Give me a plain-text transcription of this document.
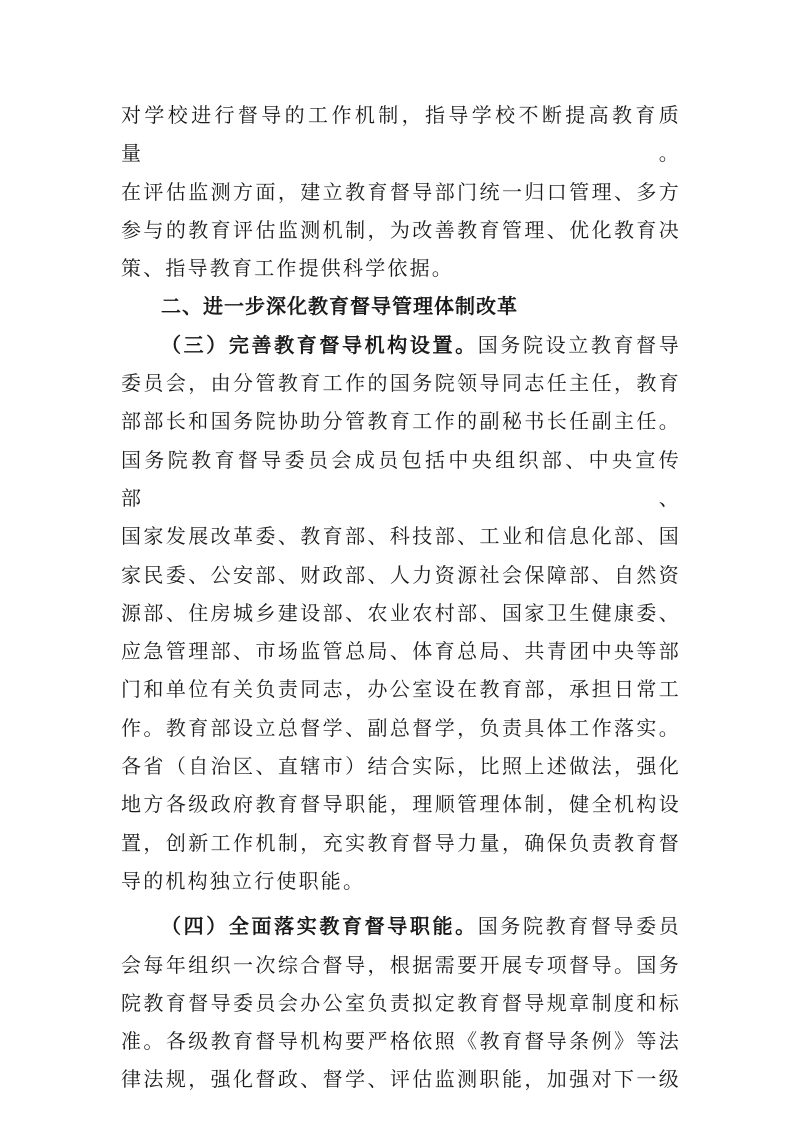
对学校进行督导的工作机制，指导学校不断提高教育质量。
在评估监测方面，建立教育督导部门统一归口管理、多方
参与的教育评估监测机制，为改善教育管理、优化教育决
策、指导教育工作提供科学依据。

二、进一步深化教育督导管理体制改革

（三）完善教育督导机构设置。国务院设立教育督导
委员会，由分管教育工作的国务院领导同志任主任，教育
部部长和国务院协助分管教育工作的副秘书长任副主任。
国务院教育督导委员会成员包括中央组织部、中央宣传部、
国家发展改革委、教育部、科技部、工业和信息化部、国
家民委、公安部、财政部、人力资源社会保障部、自然资
源部、住房城乡建设部、农业农村部、国家卫生健康委、
应急管理部、市场监管总局、体育总局、共青团中央等部
门和单位有关负责同志，办公室设在教育部，承担日常工
作。教育部设立总督学、副总督学，负责具体工作落实。
各省（自治区、直辖市）结合实际，比照上述做法，强化
地方各级政府教育督导职能，理顺管理体制，健全机构设
置，创新工作机制，充实教育督导力量，确保负责教育督
导的机构独立行使职能。

（四）全面落实教育督导职能。国务院教育督导委员
会每年组织一次综合督导，根据需要开展专项督导。国务
院教育督导委员会办公室负责拟定教育督导规章制度和标
准。各级教育督导机构要严格依照《教育督导条例》等法
律法规，强化督政、督学、评估监测职能，加强对下一级
